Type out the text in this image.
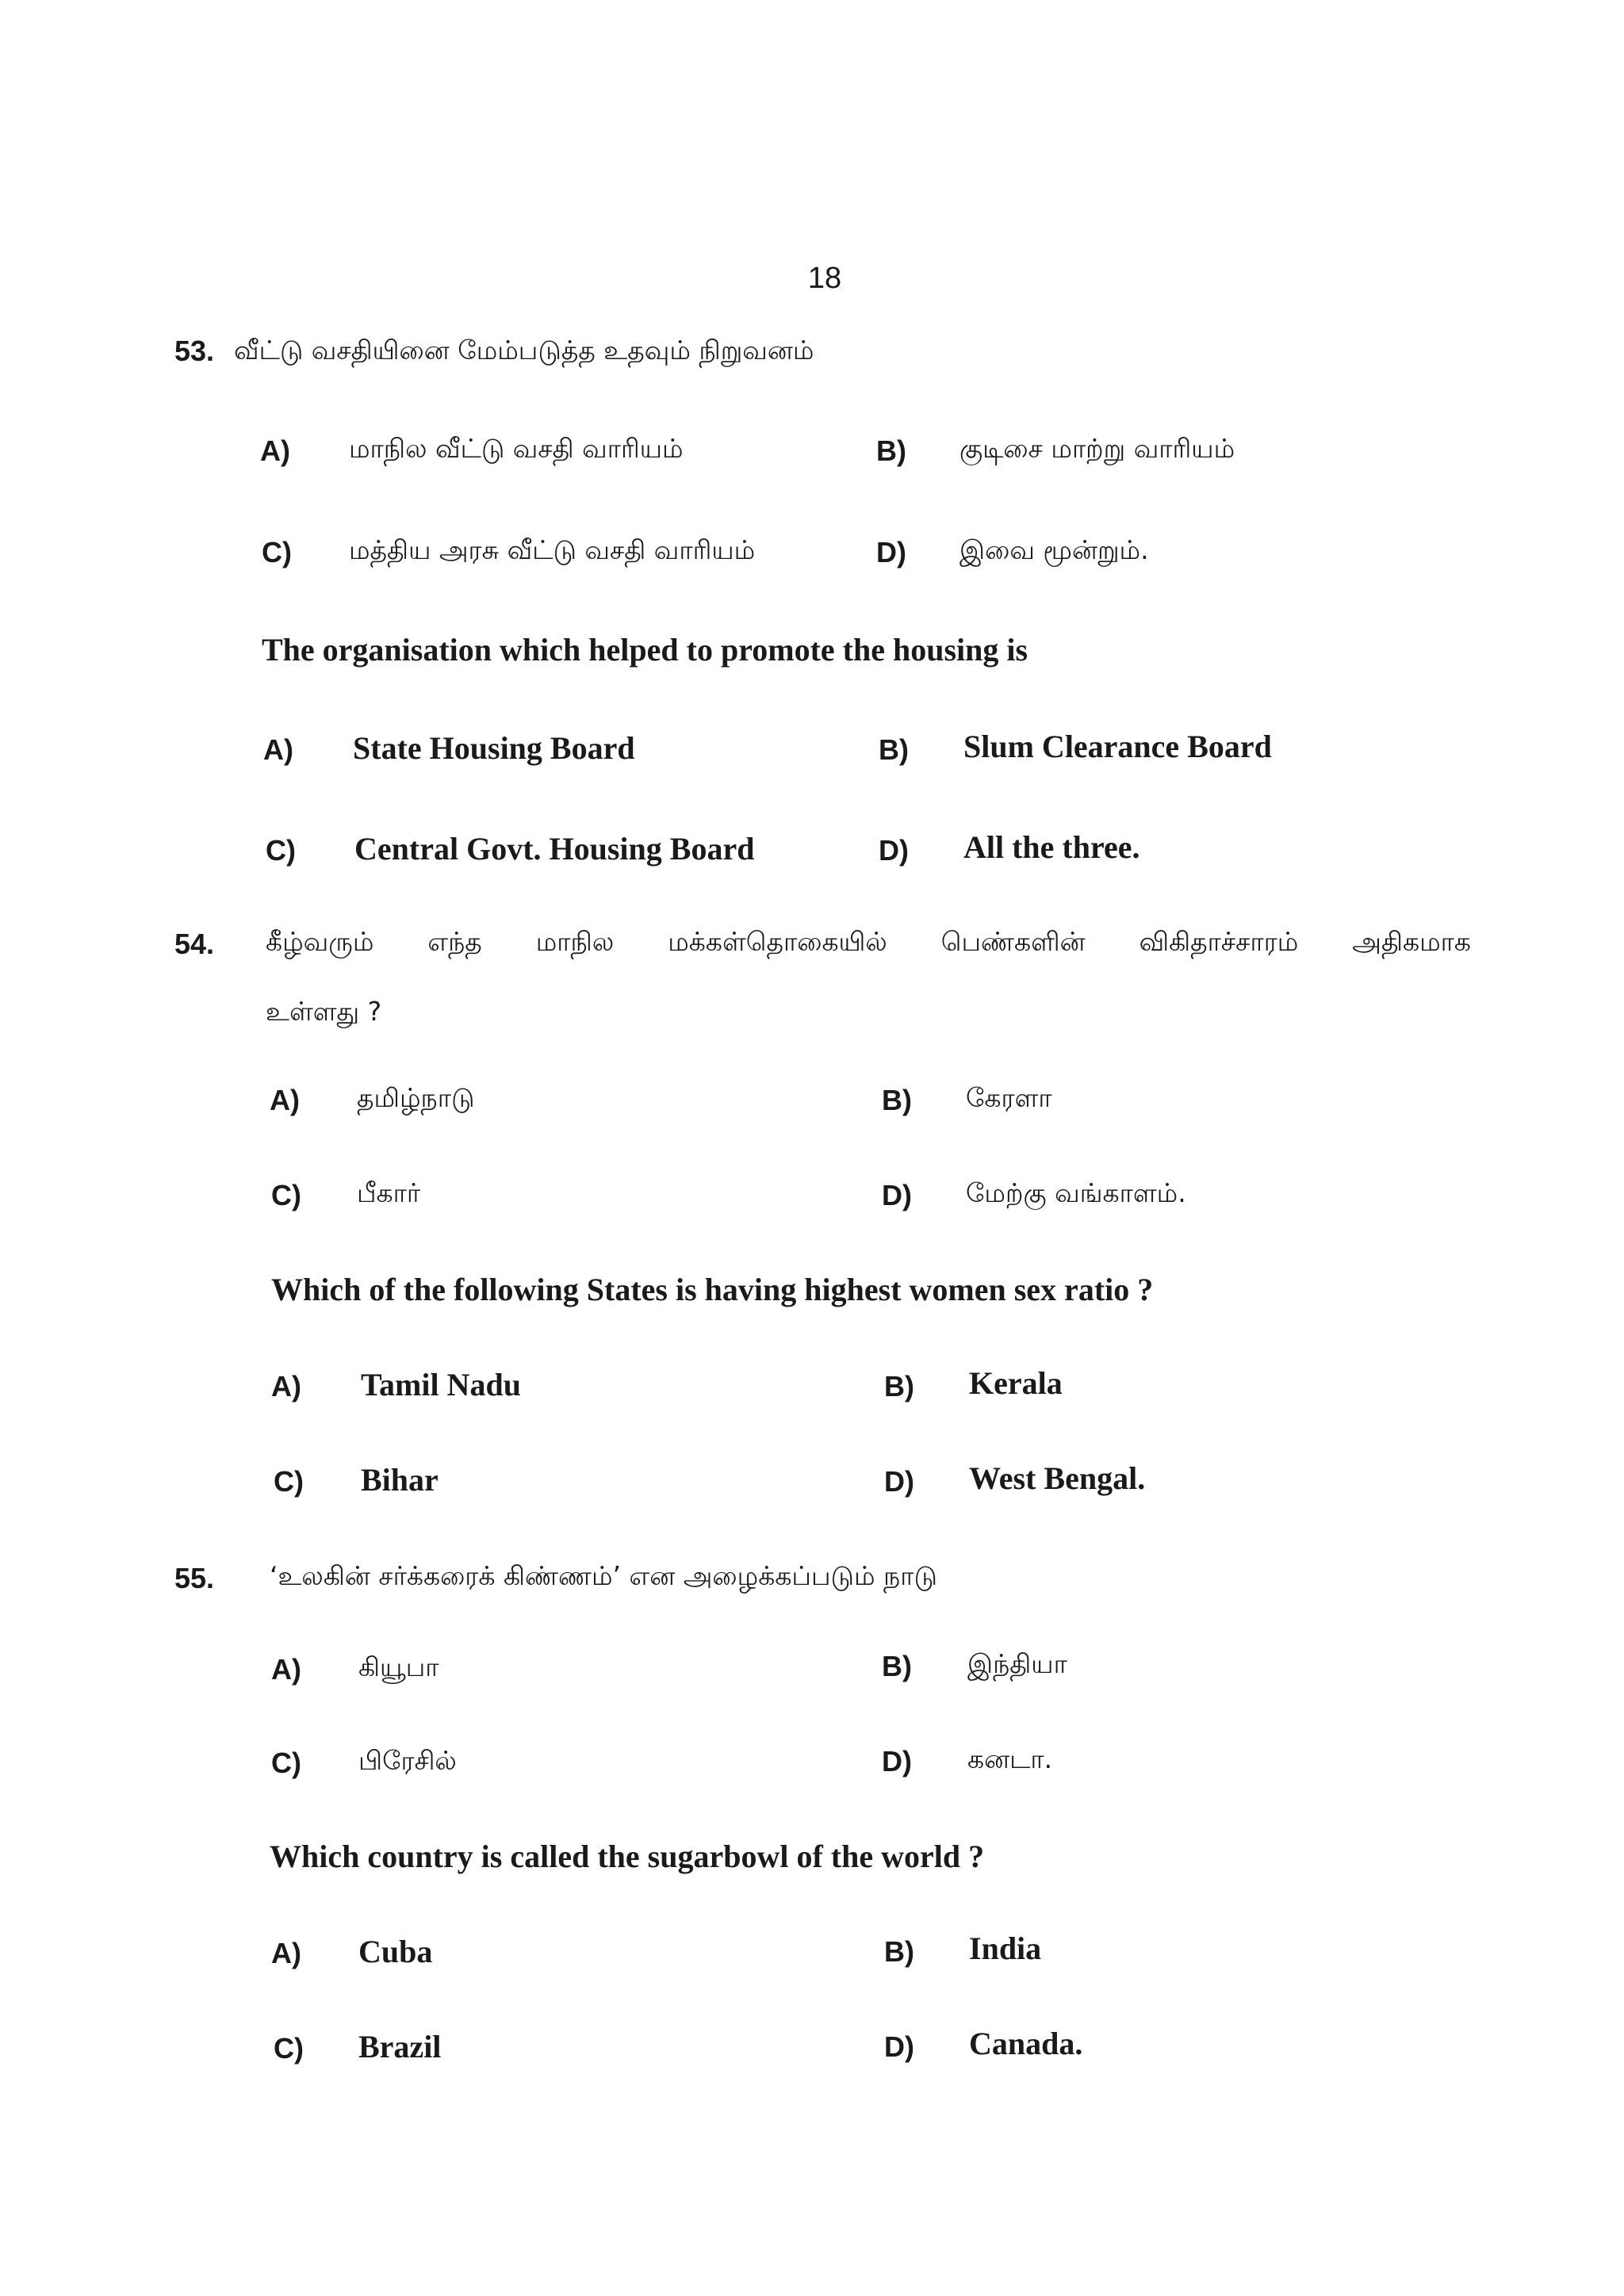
18
53. வீட்டு வசதியினை மேம்படுத்த உதவும் நிறுவனம்
A) மாநில வீட்டு வசதி வாரியம்	B) குடிசை மாற்று வாரியம்
C) மத்திய அரசு வீட்டு வசதி வாரியம்	D) இவை மூன்றும்.
The organisation which helped to promote the housing is
A) State Housing Board	B) Slum Clearance Board
C) Central Govt. Housing Board	D) All the three.
54. கீழ்வரும் எந்த மாநில மக்கள்தொகையில் பெண்களின் விகிதாச்சாரம் அதிகமாக
உள்ளது ?
A) தமிழ்நாடு	B) கேரளா
C) பீகார்	D) மேற்கு வங்காளம்.
Which of the following States is having highest women sex ratio ?
A) Tamil Nadu	B) Kerala
C) Bihar	D) West Bengal.
55. ‘உலகின் சர்க்கரைக் கிண்ணம்’ என அழைக்கப்படும் நாடு
A) கியூபா	B) இந்தியா
C) பிரேசில்	D) கனடா.
Which country is called the sugarbowl of the world ?
A) Cuba	B) India
C) Brazil	D) Canada.
